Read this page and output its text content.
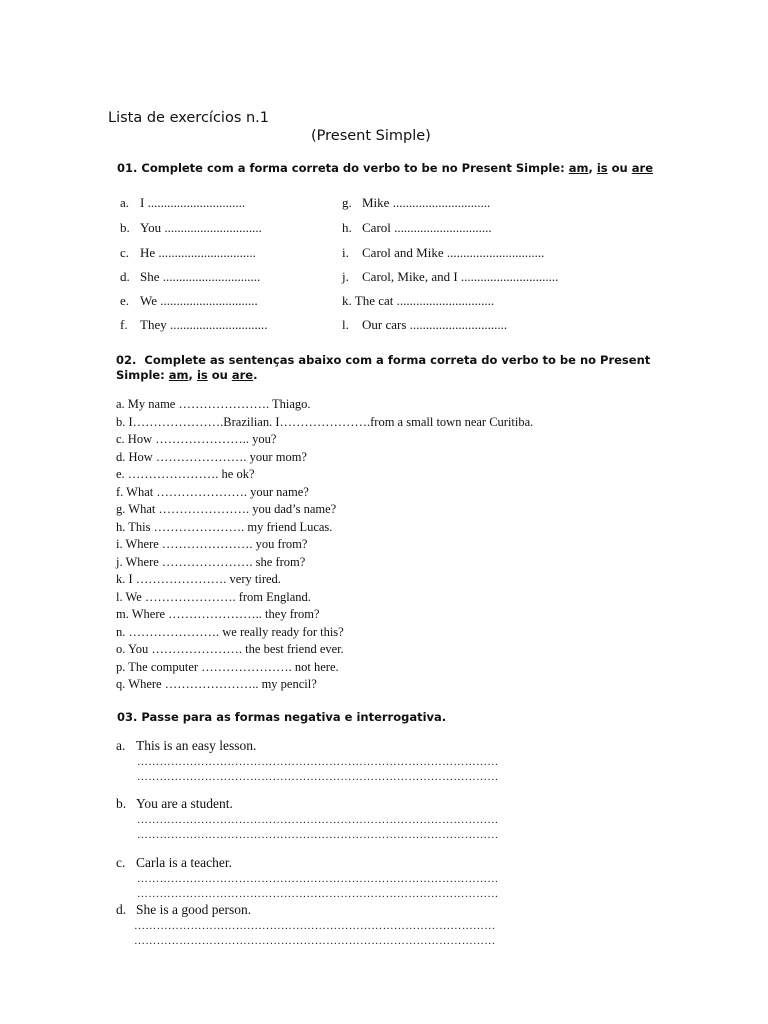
Lista de exercícios n.1
(Present Simple)
01. Complete com a forma correta do verbo to be no Present Simple: am, is ou are
a. I ..............................
b. You ..............................
c. He ..............................
d. She ..............................
e. We ..............................
f. They ..............................
g. Mike ..............................
h. Carol ..............................
i. Carol and Mike ..............................
j. Carol, Mike, and I ..............................
k. The cat ..............................
l. Our cars ..............................
02. Complete as sentenças abaixo com a forma correta do verbo to be no Present
Simple: am, is ou are.
a. My name …………………. Thiago.
b. I………………….Brazilian. I………………….from a small town near Curitiba.
c. How ………………….. you?
d. How …………………. your mom?
e. …………………. he ok?
f. What …………………. your name?
g. What …………………. you dad’s name?
h. This …………………. my friend Lucas.
i. Where …………………. you from?
j. Where …………………. she from?
k. I …………………. very tired.
l. We …………………. from England.
m. Where ………………….. they from?
n. …………………. we really ready for this?
o. You …………………. the best friend ever.
p. The computer …………………. not here.
q. Where ………………….. my pencil?
03. Passe para as formas negativa e interrogativa.
a. This is an easy lesson.
……………………………………………………………………………………
……………………………………………………………………………………
b. You are a student.
……………………………………………………………………………………
……………………………………………………………………………………
c. Carla is a teacher.
……………………………………………………………………………………
……………………………………………………………………………………
d. She is a good person.
……………………………………………………………………………………
……………………………………………………………………………………
